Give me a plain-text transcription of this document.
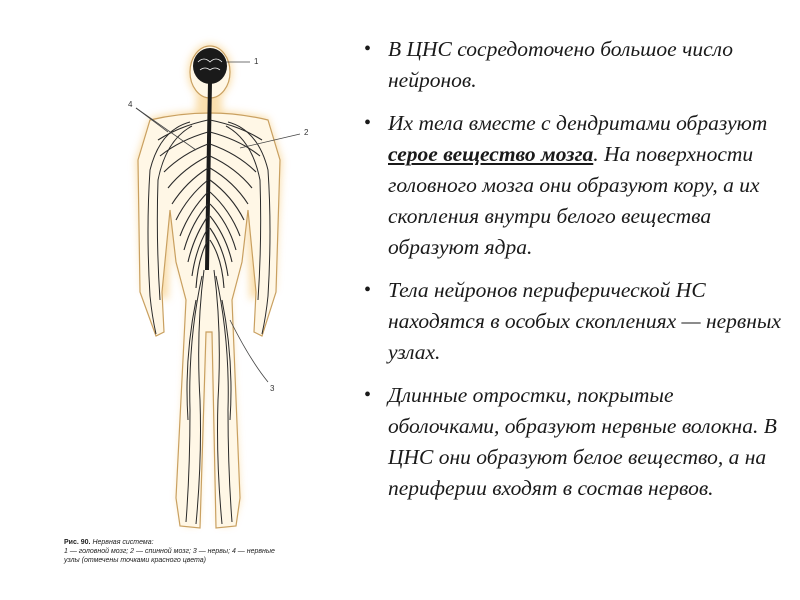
1
2
3
4
Рис. 90. Нервная система:
1 — головной мозг; 2 — спинной мозг; 3 — нервы; 4 — нервные
узлы (отмечены точками красного цвета)
• В ЦНС сосредоточено большое число нейронов.
• Их тела вместе с дендритами образуют серое вещество мозга. На поверхности головного мозга они образуют кору, а их скопления внутри белого вещества образуют ядра.
• Тела нейронов периферической НС находятся в особых скоплениях — нервных узлах.
• Длинные отростки, покрытые оболочками, образуют нервные волокна. В ЦНС они образуют белое вещество, а на периферии входят в состав нервов.
